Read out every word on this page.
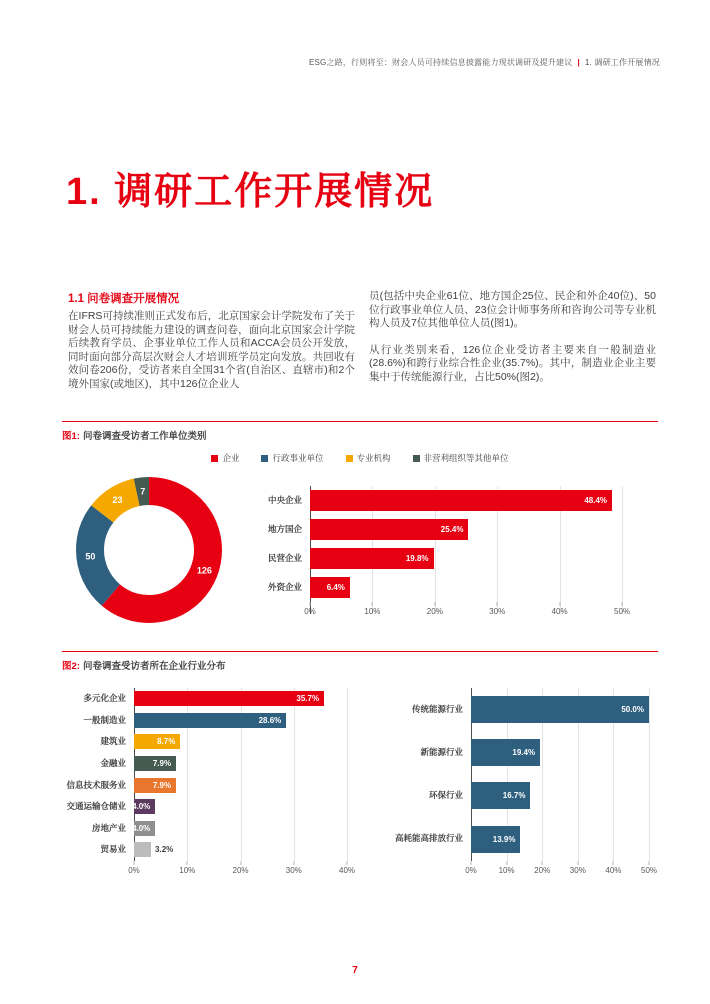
ESG之路，行则将至：财会人员可持续信息披露能力现状调研及提升建议 | 1. 调研工作开展情况
1. 调研工作开展情况
1.1 问卷调查开展情况

在IFRS可持续准则正式发布后，北京国家会计学院发布了关于财会人员可持续能力建设的调查问卷，面向北京国家会计学院后续教育学员、企事业单位工作人员和ACCA会员公开发放，同时面向部分高层次财会人才培训班学员定向发放。共回收有效问卷206份，受访者来自全国31个省(自治区、直辖市)和2个境外国家(或地区)，其中126位企业人

员(包括中央企业61位、地方国企25位、民企和外企40位)、50位行政事业单位人员、23位会计师事务所和咨询公司等专业机构人员及7位其他单位人员(图1)。

从行业类别来看，126位企业受访者主要来自一般制造业(28.6%)和跨行业综合性企业(35.7%)。其中，制造业企业主要集中于传统能源行业，占比50%(图2)。

图1: 问卷调查受访者工作单位类别
企业	行政事业单位	专业机构	非营利组织等其他单位
126
50
23
7
中央企业	48.4%
地方国企	25.4%
民营企业	19.8%
外资企业	6.4%
0%	10%	20%	30%	40%	50%
图2: 问卷调查受访者所在企业行业分布
多元化企业	35.7%
一般制造业	28.6%
建筑业	8.7%
金融业	7.9%
信息技术服务业	7.9%
交通运输仓储业 4.0%
房地产业 4.0%
贸易业	3.2%
0%	10%	20%	30%	40%
传统能源行业	50.0%
新能源行业	19.4%
环保行业	16.7%
高耗能高排放行业	13.9%
0%	10% 20% 30% 40% 50%
7
